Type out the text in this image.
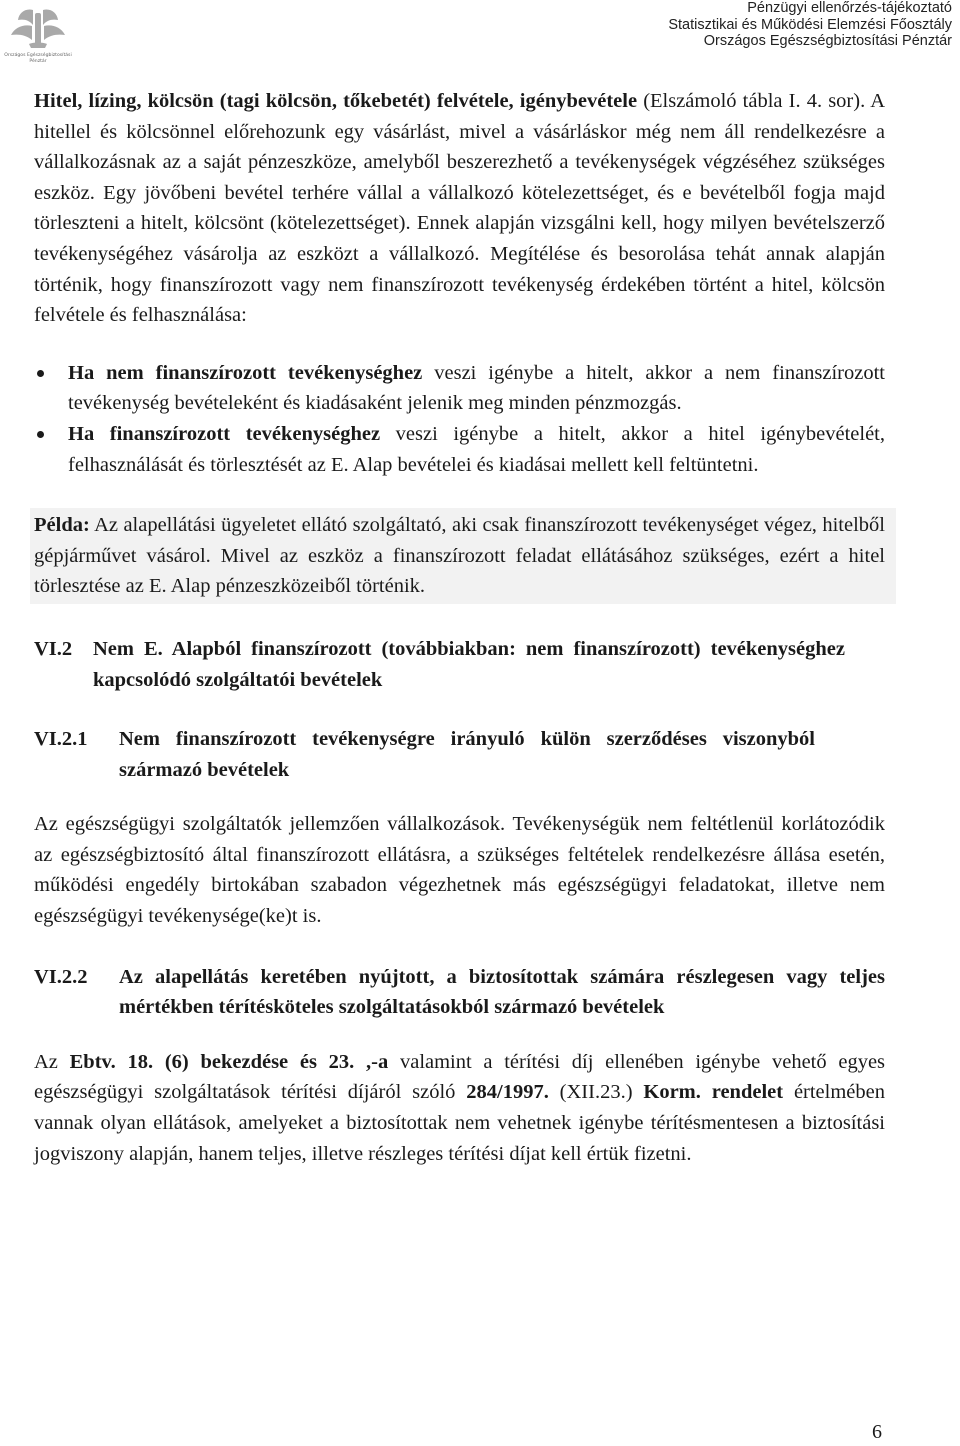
Országos Egészségbiztosítási
Pénztár
Pénzügyi ellenőrzés-tájékoztató
Statisztikai és Működési Elemzési Főosztály
Országos Egészségbiztosítási Pénztár

Hitel, lízing, kölcsön (tagi kölcsön, tőkebetét) felvétele, igénybevétele (Elszámoló tábla I. 4. sor). A hitellel és kölcsönnel előrehozunk egy vásárlást, mivel a vásárláskor még nem áll rendelkezésre a vállalkozásnak az a saját pénzeszköze, amelyből beszerezhető a tevékenységek végzéséhez szükséges eszköz. Egy jövőbeni bevétel terhére vállal a vállalkozó kötelezettséget, és e bevételből fogja majd törleszteni a hitelt, kölcsönt (kötelezettséget). Ennek alapján vizsgálni kell, hogy milyen bevételszerző tevékenységéhez vásárolja az eszközt a vállalkozó. Megítélése és besorolása tehát annak alapján történik, hogy finanszírozott vagy nem finanszírozott tevékenység érdekében történt a hitel, kölcsön felvétele és felhasználása:

Ha nem finanszírozott tevékenységhez veszi igénybe a hitelt, akkor a nem finanszírozott tevékenység bevételeként és kiadásaként jelenik meg minden pénzmozgás.
Ha finanszírozott tevékenységhez veszi igénybe a hitelt, akkor a hitel igénybevételét, felhasználását és törlesztését az E. Alap bevételei és kiadásai mellett kell feltüntetni.
Példa: Az alapellátási ügyeletet ellátó szolgáltató, aki csak finanszírozott tevékenységet végez, hitelből gépjárművet vásárol. Mivel az eszköz a finanszírozott feladat ellátásához szükséges, ezért a hitel törlesztése az E. Alap pénzeszközeiből történik.
VI.2	Nem E. Alapból finanszírozott (továbbiakban: nem finanszírozott) tevékenységhez kapcsolódó szolgáltatói bevételek
VI.2.1	Nem finanszírozott tevékenységre irányuló külön szerződéses viszonyból származó bevételek

Az egészségügyi szolgáltatók jellemzően vállalkozások. Tevékenységük nem feltétlenül korlátozódik az egészségbiztosító által finanszírozott ellátásra, a szükséges feltételek rendelkezésre állása esetén, működési engedély birtokában szabadon végezhetnek más egészségügyi feladatokat, illetve nem egészségügyi tevékenysége(ke)t is.

VI.2.2	Az alapellátás keretében nyújtott, a biztosítottak számára részlegesen vagy teljes mértékben térítésköteles szolgáltatásokból származó bevételek

Az Ebtv. 18. (6) bekezdése és 23. ,-a valamint a térítési díj ellenében igénybe vehető egyes egészségügyi szolgáltatások térítési díjáról szóló 284/1997. (XII.23.) Korm. rendelet értelmében vannak olyan ellátások, amelyeket a biztosítottak nem vehetnek igénybe térítésmentesen a biztosítási jogviszony alapján, hanem teljes, illetve részleges térítési díjat kell értük fizetni.

6
